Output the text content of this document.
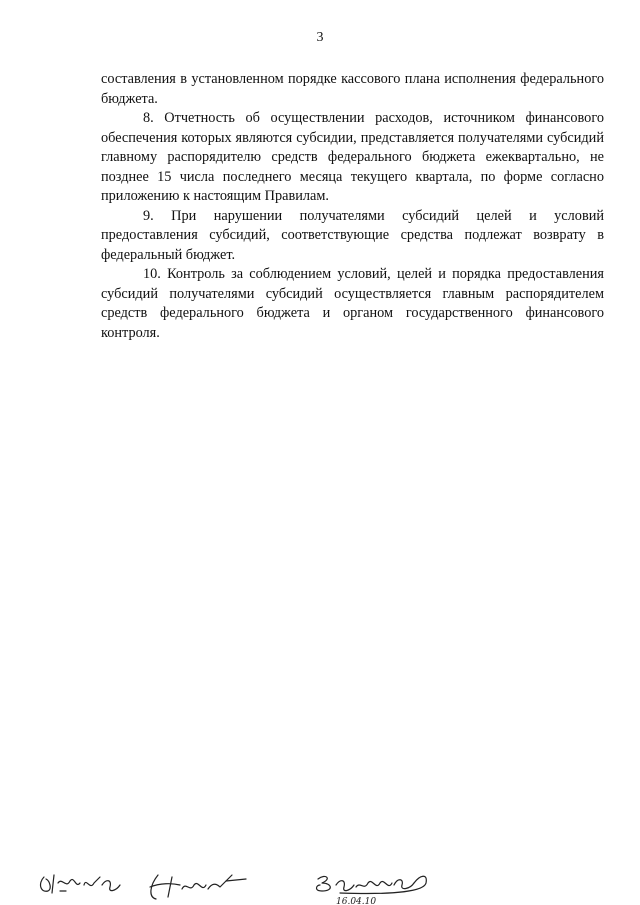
3

составления в установленном порядке кассового плана исполнения федерального бюджета.

8. Отчетность об осуществлении расходов, источником финансового обеспечения которых являются субсидии, представляется получателями субсидий главному распорядителю средств федерального бюджета ежеквартально, не позднее 15 числа последнего месяца текущего квартала, по форме согласно приложению к настоящим Правилам.

9. При нарушении получателями субсидий целей и условий предоставления субсидий, соответствующие средства подлежат возврату в федеральный бюджет.

10. Контроль за соблюдением условий, целей и порядка предоставления субсидий получателями субсидий осуществляется главным распорядителем средств федерального бюджета и органом государственного финансового контроля.

16.04.10
